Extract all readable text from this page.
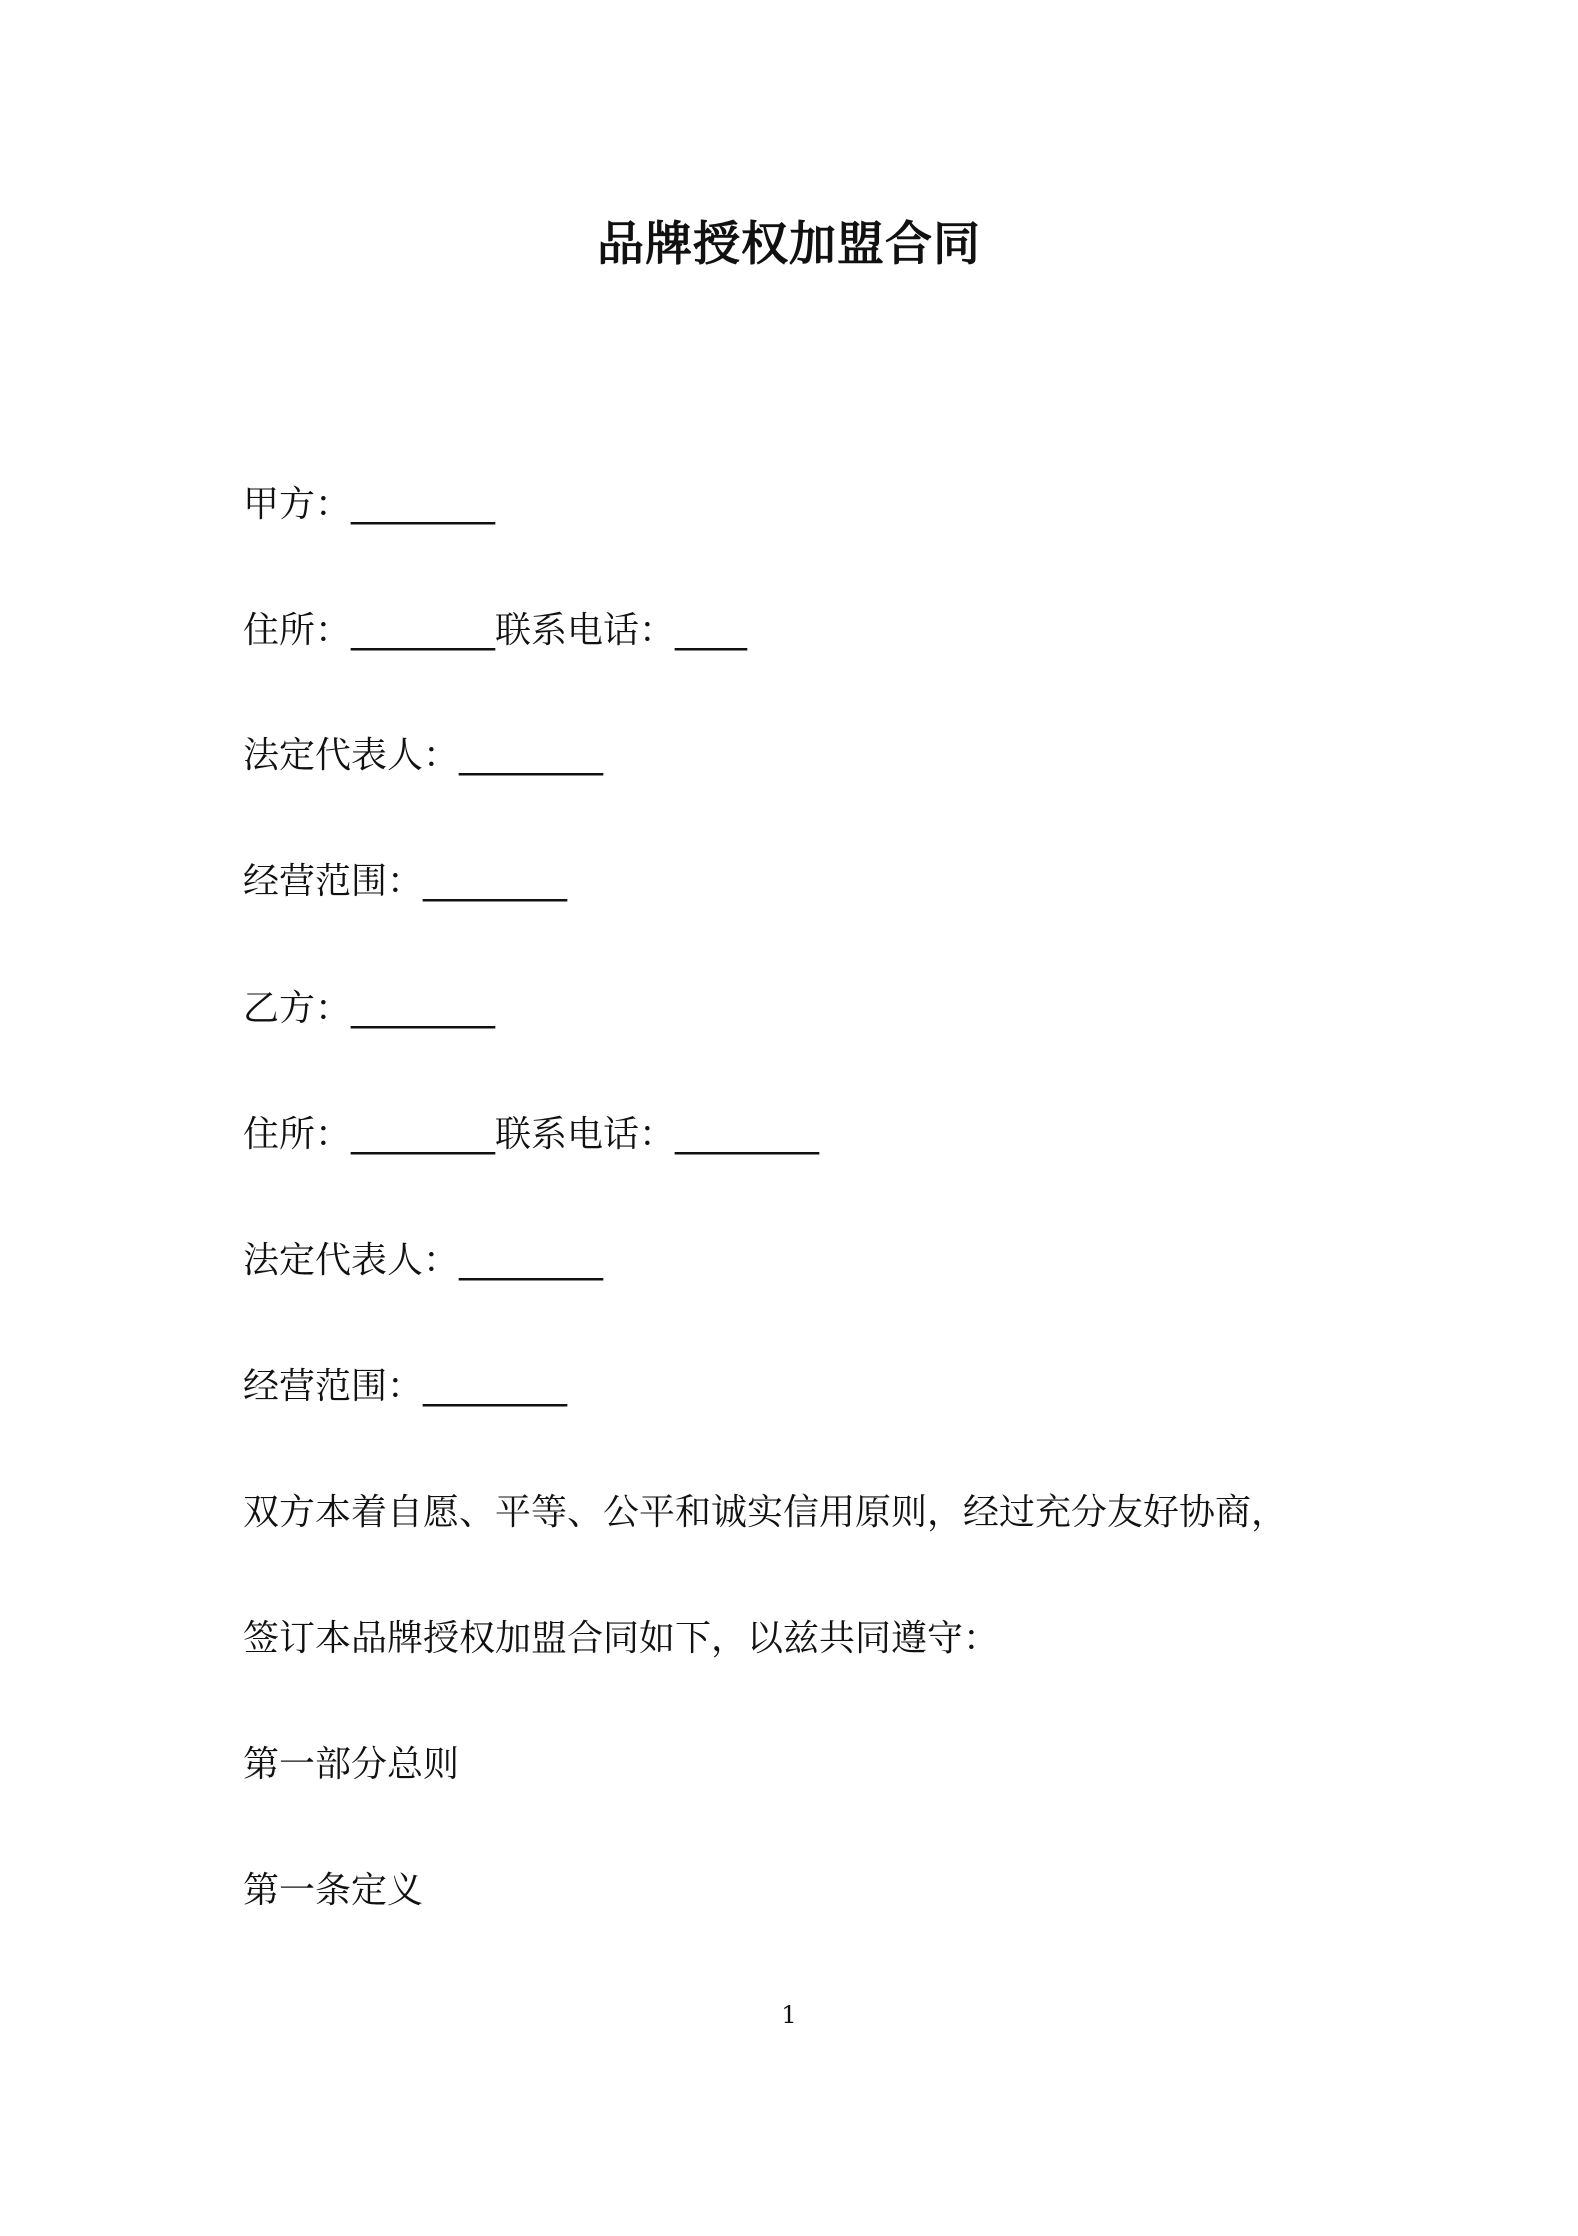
品牌授权加盟合同
甲方：________
住所：________联系电话：____
法定代表人：________
经营范围：________
乙方：________
住所：________联系电话：________
法定代表人：________
经营范围：________
双方本着自愿、平等、公平和诚实信用原则，经过充分友好协商，
签订本品牌授权加盟合同如下，以兹共同遵守：
第一部分总则
第一条定义
1
